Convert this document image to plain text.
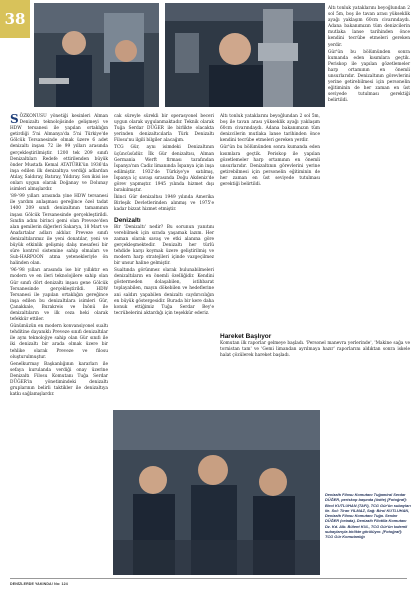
38

SÖZKONUSU yönetiği kesinleri Alman Denizaltı teknolojisinde gelişmeyi ve HDW tersanesi ile yapılan ortaklığın getirdiği 5'ni Almanya'da 5'ni Türkiye'de Gölcük Tersanesinde olmak üzere 6 adet denizaltı inşası 72 ile 99 yılları arasında gerçekleştirilmiştir. 1200 tek 209 sınıfı Denizaltıları Redefe ettirilenden büyük önder Mustafa Kemal ATATÜRK'ün 1936'da inşa edilen ilk denizaltıya verdiği adlardan Atılay, Saldıray, Batıray, Yıldıray. Son ikisi ise onları uygun olarak Doğanay ve Dolunay isimleri almışlardır.

'89-'99 yılları arasında yine HDW tersanesi ile yardım anlaşması gereğince özel tadat 1400 209 sınıfı denizaltının tamamının inşası Gölcük Tersanesinde gerçekleştirildi. Sınıfın adını birinci gemi olan Preveze'den alan gemilerin diğerleri Sakarya, 18 Mart ve Anafartalar adları aldılar. Preveze sınıfı denizaltılarımız ile yeni donatılar, yeni ve büyük etkinlik gelişmiş dalış mesafesi bir süre kontrol sistemine sahip olmaları ve Sub-HARPOON atma yetenekleriyle ön halinden olan.

'96-'98 yılları arasında ise bir yıllıktır en modern ve en ileri teknolojilere sahip olan Gür sınıfı dört denizaltı inşası gene Gölcük Tersanesinde gerçekleştirildi. HDW Tersanesi ile yapılan ortaklığın gereğince inşa edilen bu denizaltılara isimleri Gür, Çanakkale, Burakreis ve İnönü ile denizaltıların ve ilk ceza heki olarak tefekkür ettiler.

Günümüzün en modern konvansiyonel sualtı tehditine dayanıklı Preveze sınıfı denizaltılar ile aynı teknolojiye sahip olan Gür sınıfı ile iki denizaltı bir arada olmak üzere bir tehlike olarak Preveze ve filosu oluşturulmuştur.

Genelkurmay Başkanlığının kararları ile sefaya kurulanda verdiği onay üzerine Denizaltı Filosu Komutanı Tuğa Serdar DÜĞER'in yönetimindeki denizaltı gruplarının belirli taktikler ile denizaltıya katkı sağlamışlardır.

cak süreyle sürekli bir operasyonel beceri uygun olarak uygulanmaktadır. Teknik olarak Tuğa Serdar DÜĞER ile birlikte olacakta yerinden denizaltıcılarla Türk Denizaltı Filosu'nu ilgili bilgiler alacağım.

TCG Gür, aynı isimdeki Denizaltının üçüncüsüdür. İlk Gür denizaltısı, Alman Germania Werft firması tarafından İspanya'nın Cadiz limanında İspanya için inşa edilmiştir. 1932'de Türkiye'ye satılmış, İspanya iç savaşı sırasında Doğu Akdeniz'de görev yapmıştır. 1945 yılında hizmet dışı bırakılmıştır.

İkinci Gür denizaltısı 1949 yılında Amerika Birleşik Devletlerinden alınmış ve 1975'e kadar bizzat hizmet etmiştir.

Denizaltı

Bir 'Denizaltı' nedir? Bu sorunun yanıtını verebilmek için sırada yaşamak lazım. Her zaman olarak savaş ve etki alanına göre gerçekleşmektedir. Denizaltı her türlü tehdide karşı koymak üzere geliştirilmiş ve modern harp stratejileri içinde vazgeçilmez bir unsur haline gelmiştir.

Sualtında görünmez olarak bulunabilmeleri denizaltıların en önemli özelliğidir. Kendini göstermeden dolaşabilen, istihbarat toplayabilen, mayın dökebilen ve hedeflerine ani saldırı yapabilen denizaltı caydırıcılığın en büyük göstergesidir. Burada bir kere daha konuk ettiğimiz Tuğa Serdar Bey'e tecrübelerini aktardığı için teşekkür ederiz.

Altı tonluk yataklarını beyoğlundan 2 sol 5m, boş ile tavan arası yükseklik ayağı yaklaşım 60cm civarındaydı. Adana bakanımızın tüm denizcilerin mutlaka lanse tarihinden önce kendini tecrübe etmeleri gereken yerdir.

Gür'ün bu bölümünden sonra kumanda eden kısımlara geçtik. Periskop ile yapılan gözetlemeler harp ortamının en önemli unsurlarıdır. Denizaltının görevlerini yerine getirebilmesi için personelin eğitiminin de her zaman en üst seviyede tutulması gerektiği belirtildi.

Altı tonluk yataklarını beyoğlundan 2 sol 5m, boş ile tavan arası yükseklik ayağı yaklaşım 60cm civarındaydı. Adana bakanımızın tüm denizcilerin mutlaka lanse tarihinden önce kendini tecrübe etmeleri gereken yerdir.

Gür'ün bu bölümünden sonra kumanda eden kısımlara geçtik. Periskop ile yapılan gözetlemeler harp ortamının en önemli unsurlarıdır. Denizaltının görevlerini yerine getirebilmesi için personelin eğitiminin de her zaman en üst seviyede tutulması gerektiği belirtildi.

Hareket Başlıyor

Komutan ilk raporlar gelmeye başladı. 'Personel manevra yerlerinde', 'Makine sağa ve tornistan tam' ve 'Gemi limandan ayrılmaya hazır' raporlarını aldıktan sonra iskele halat çözülerek hareket başladı.

Denizaltı Filosu Komutanı Tuğamiral Serdar DÜĞER, periskop başında (üstte) [Fotoğraf]: Birol KUTLUHAN (TAFI), TCG Gür'ün subayları ile. Sol: Tiran YILMAZ, Sağ: Birol KUTLUHAN, Denizaltı Filosu Komutanı Tuğa. Serdar DÜĞER (ortada), Denizaltı Filotilla Komutanı Dz. Kd. Alb. Bülent KUL, TCG Gür'ün kıdemli subaylarıyla birlikte görülüyor. [Fotoğraf]: TCG Gür Komutanlığı
DENİZLERDE YAKINDA! No: 124
